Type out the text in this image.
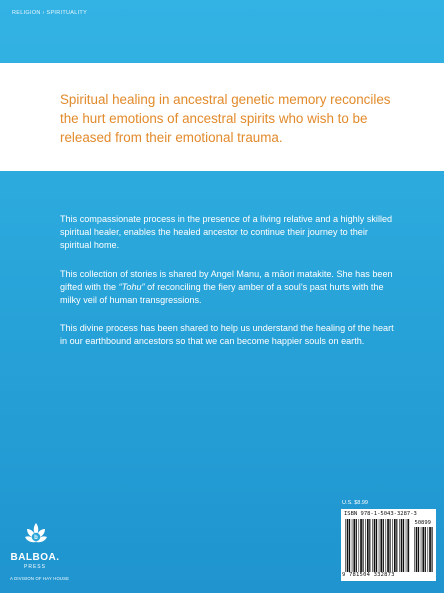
RELIGION › SPIRITUALITY

Spiritual healing in ancestral genetic memory reconciles the hurt emotions of ancestral spirits who wish to be released from their emotional trauma.

This compassionate process in the presence of a living relative and a highly skilled spiritual healer, enables the healed ancestor to continue their journey to their spiritual home.

This collection of stories is shared by Angel Manu, a māori matakite. She has been gifted with the “Tohu” of reconciling the fiery amber of a soul’s past hurts with the milky veil of human transgressions.

This divine process has been shared to help us understand the healing of the heart in our earthbound ancestors so that we can become happier souls on earth.

b
BALBOA.
PRESS
A DIVISION OF HAY HOUSE
U.S. $8.99
ISBN 978-1-5043-3287-3
50899
9 781504 332873
